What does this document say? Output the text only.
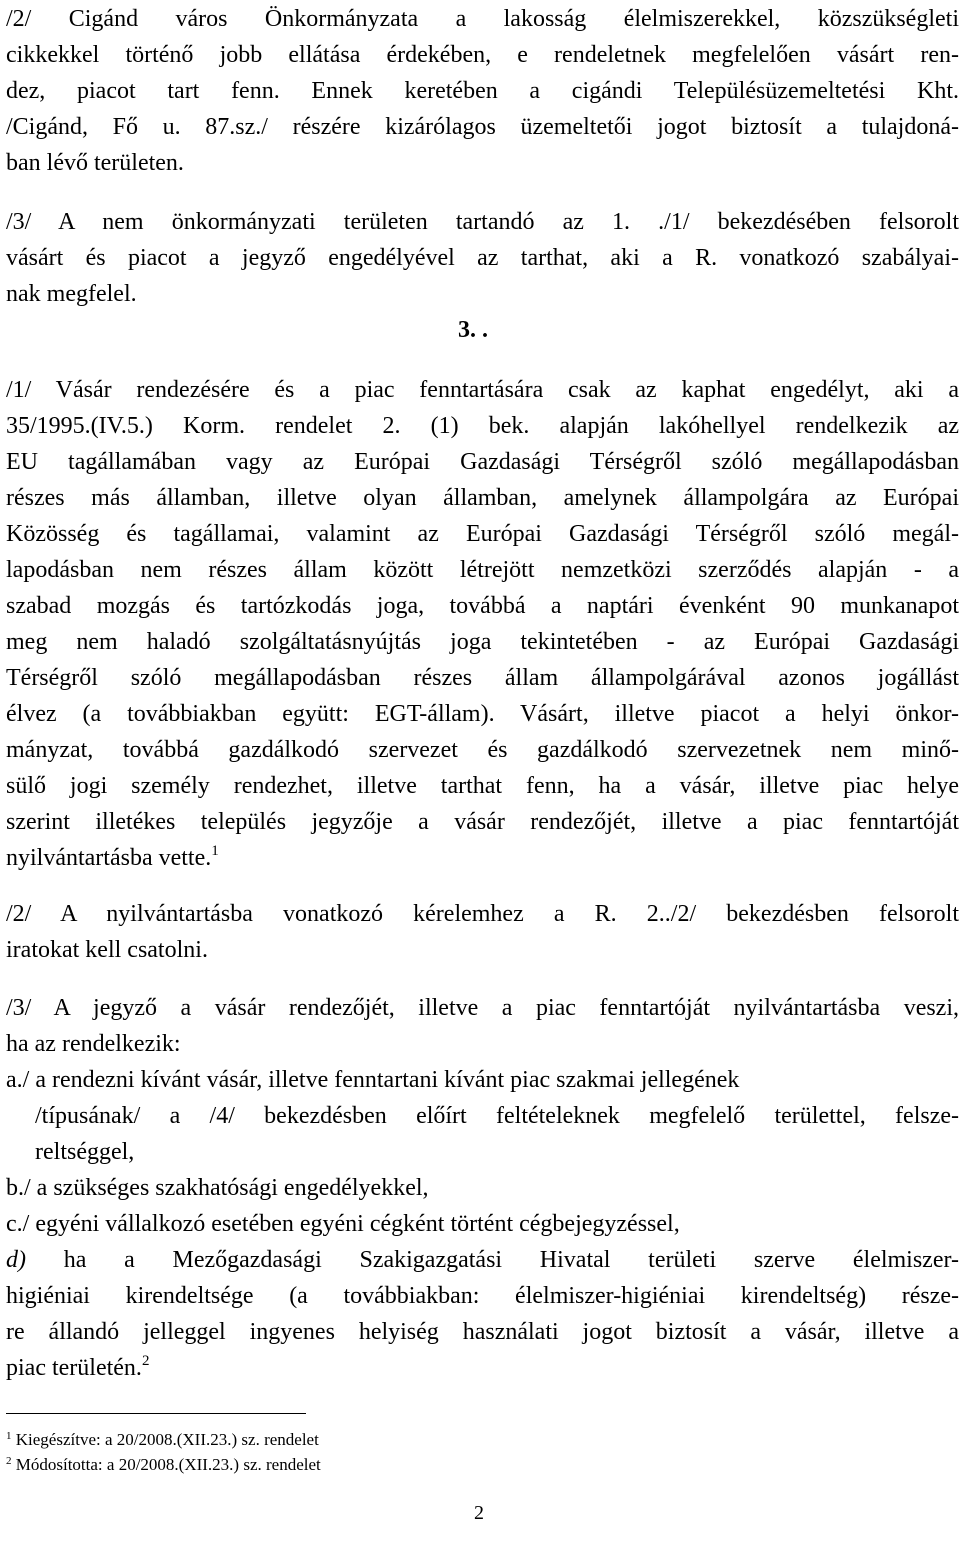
/2/ Cigánd város Önkormányzata a lakosság élelmiszerekkel, közszükségleti
cikkekkel történő jobb ellátása érdekében, e rendeletnek megfelelően vásárt ren-
dez, piacot tart fenn. Ennek keretében a cigándi Településüzemeltetési Kht.
/Cigánd, Fő u. 87.sz./ részére kizárólagos üzemeltetői jogot biztosít a tulajdoná-
ban lévő területen.
/3/ A nem önkormányzati területen tartandó az 1. ./1/ bekezdésében felsorolt
vásárt és piacot a jegyző engedélyével az tarthat, aki a R. vonatkozó szabályai-
nak megfelel.
3. .
/1/ Vásár rendezésére és a piac fenntartására csak az kaphat engedélyt, aki a
35/1995.(IV.5.) Korm. rendelet 2. (1) bek. alapján lakóhellyel rendelkezik az
EU tagállamában vagy az Európai Gazdasági Térségről szóló megállapodásban
részes más államban, illetve olyan államban, amelynek állampolgára az Európai
Közösség és tagállamai, valamint az Európai Gazdasági Térségről szóló megál-
lapodásban nem részes állam között létrejött nemzetközi szerződés alapján - a
szabad mozgás és tartózkodás joga, továbbá a naptári évenként 90 munkanapot
meg nem haladó szolgáltatásnyújtás joga tekintetében - az Európai Gazdasági
Térségről szóló megállapodásban részes állam állampolgárával azonos jogállást
élvez (a továbbiakban együtt: EGT-állam). Vásárt, illetve piacot a helyi önkor-
mányzat, továbbá gazdálkodó szervezet és gazdálkodó szervezetnek nem minő-
sülő jogi személy rendezhet, illetve tarthat fenn, ha a vásár, illetve piac helye
szerint illetékes település jegyzője a vásár rendezőjét, illetve a piac fenntartóját
nyilvántartásba vette.$^1$
/2/ A nyilvántartásba vonatkozó kérelemhez a R. 2../2/ bekezdésben felsorolt
iratokat kell csatolni.
/3/ A jegyző a vásár rendezőjét, illetve a piac fenntartóját nyilvántartásba veszi,
ha az rendelkezik:
a./ a rendezni kívánt vásár, illetve fenntartani kívánt piac szakmai jellegének
/típusának/ a /4/ bekezdésben előírt feltételeknek megfelelő területtel, felsze-
reltséggel,
b./ a szükséges szakhatósági engedélyekkel,
c./ egyéni vállalkozó esetében egyéni cégként történt cégbejegyzéssel,
d) ha a Mezőgazdasági Szakigazgatási Hivatal területi szerve élelmiszer-
higiéniai kirendeltsége (a továbbiakban: élelmiszer-higiéniai kirendeltség) része-
re állandó jelleggel ingyenes helyiség használati jogot biztosít a vásár, illetve a
piac területén.$^2$
$^1$ Kiegészítve: a 20/2008.(XII.23.) sz. rendelet
$^2$ Módosította: a 20/2008.(XII.23.) sz. rendelet
2
